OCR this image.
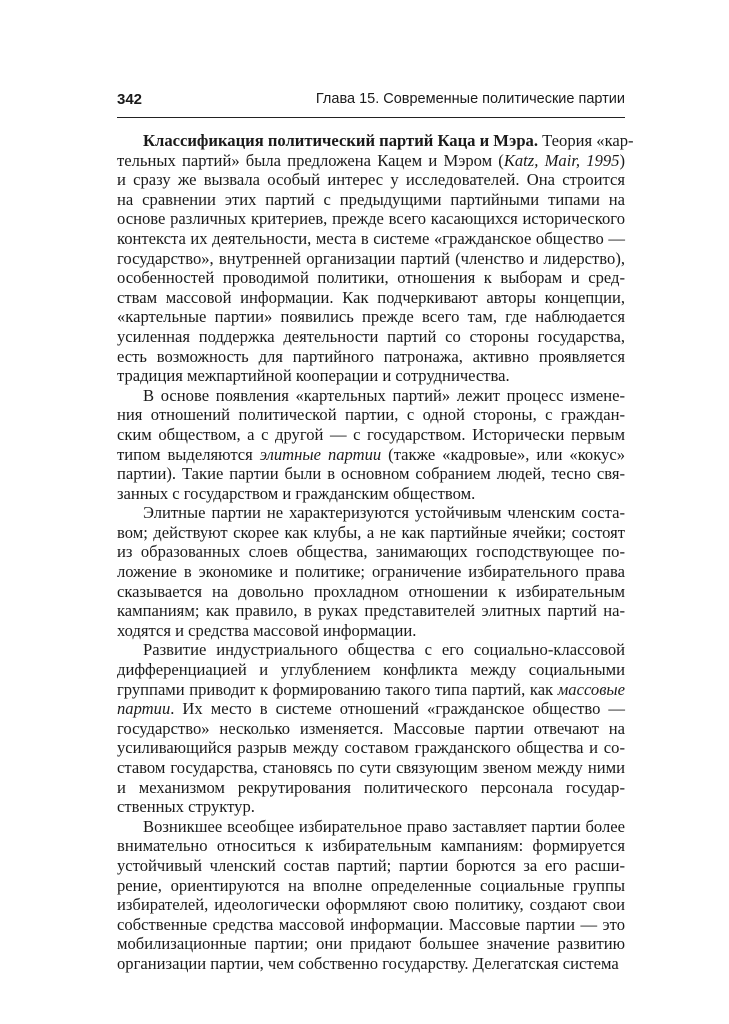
342	Глава 15. Современные политические партии
Классификация политический партий Каца и Мэра. Теория «кар-
тельных партий» была предложена Кацем и Мэром (Katz, Mair, 1995)
и сразу же вызвала особый интерес у исследователей. Она строится
на сравнении этих партий с предыдущими партийными типами на
основе различных критериев, прежде всего касающихся исторического
контекста их деятельности, места в системе «гражданское общество —
государство», внутренней организации партий (членство и лидерство),
особенностей проводимой политики, отношения к выборам и сред-
ствам массовой информации. Как подчеркивают авторы концепции,
«картельные партии» появились прежде всего там, где наблюдается
усиленная поддержка деятельности партий со стороны государства,
есть возможность для партийного патронажа, активно проявляется
традиция межпартийной кооперации и сотрудничества.
В основе появления «картельных партий» лежит процесс измене-
ния отношений политической партии, с одной стороны, с граждан-
ским обществом, а с другой — с государством. Исторически первым
типом выделяются элитные партии (также «кадровые», или «кокус»
партии). Такие партии были в основном собранием людей, тесно свя-
занных с государством и гражданским обществом.
Элитные партии не характеризуются устойчивым членским соста-
вом; действуют скорее как клубы, а не как партийные ячейки; состоят
из образованных слоев общества, занимающих господствующее по-
ложение в экономике и политике; ограничение избирательного права
сказывается на довольно прохладном отношении к избирательным
кампаниям; как правило, в руках представителей элитных партий на-
ходятся и средства массовой информации.
Развитие индустриального общества с его социально-классовой
дифференциацией и углублением конфликта между социальными
группами приводит к формированию такого типа партий, как массовые
партии. Их место в системе отношений «гражданское общество —
государство» несколько изменяется. Массовые партии отвечают на
усиливающийся разрыв между составом гражданского общества и со-
ставом государства, становясь по сути связующим звеном между ними
и механизмом рекрутирования политического персонала государ-
ственных структур.
Возникшее всеобщее избирательное право заставляет партии более
внимательно относиться к избирательным кампаниям: формируется
устойчивый членский состав партий; партии борются за его расши-
рение, ориентируются на вполне определенные социальные группы
избирателей, идеологически оформляют свою политику, создают свои
собственные средства массовой информации. Массовые партии — это
мобилизационные партии; они придают большее значение развитию
организации партии, чем собственно государству. Делегатская система
